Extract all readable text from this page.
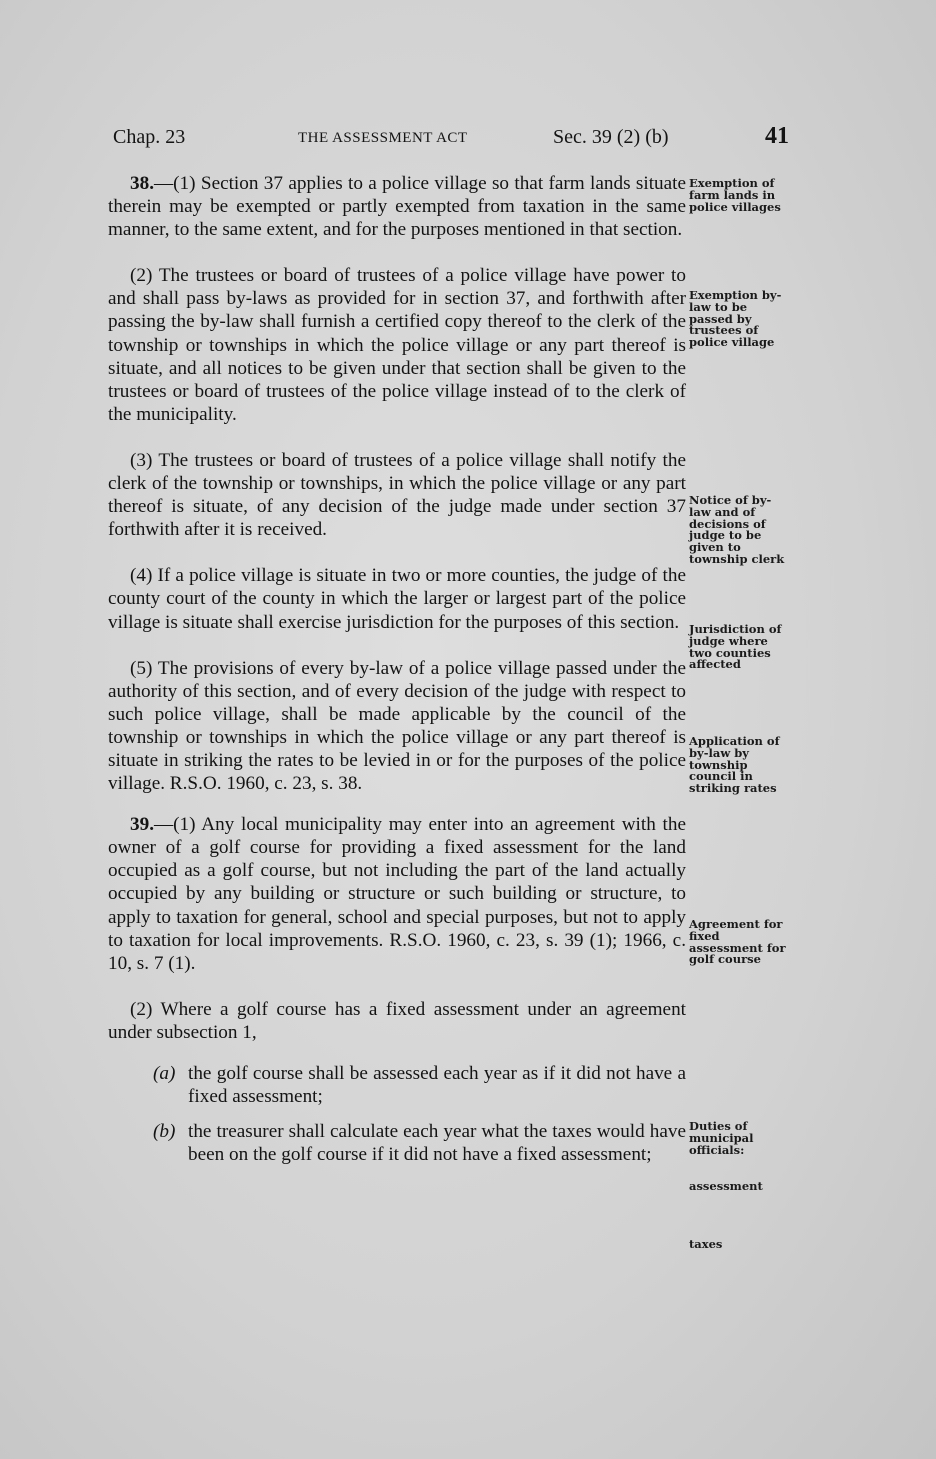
Chap. 23	THE ASSESSMENT ACT	Sec. 39 (2) (b)	41

38.—(1) Section 37 applies to a police village so that farm lands situate therein may be exempted or partly exempted from taxation in the same manner, to the same extent, and for the purposes mentioned in that section.

(2) The trustees or board of trustees of a police village have power to and shall pass by-laws as provided for in section 37, and forthwith after passing the by-law shall furnish a certified copy thereof to the clerk of the township or townships in which the police village or any part thereof is situate, and all notices to be given under that section shall be given to the trustees or board of trustees of the police village instead of to the clerk of the municipality.

(3) The trustees or board of trustees of a police village shall notify the clerk of the township or townships, in which the police village or any part thereof is situate, of any decision of the judge made under section 37 forthwith after it is received.

(4) If a police village is situate in two or more counties, the judge of the county court of the county in which the larger or largest part of the police village is situate shall exercise jurisdiction for the purposes of this section.

(5) The provisions of every by-law of a police village passed under the authority of this section, and of every decision of the judge with respect to such police village, shall be made applicable by the council of the township or townships in which the police village or any part thereof is situate in striking the rates to be levied in or for the purposes of the police village. R.S.O. 1960, c. 23, s. 38.

39.—(1) Any local municipality may enter into an agreement with the owner of a golf course for providing a fixed assessment for the land occupied as a golf course, but not including the part of the land actually occupied by any building or structure or such building or structure, to apply to taxation for general, school and special purposes, but not to apply to taxation for local improvements. R.S.O. 1960, c. 23, s. 39 (1); 1966, c. 10, s. 7 (1).

(2) Where a golf course has a fixed assessment under an agreement under subsection 1,

(a) the golf course shall be assessed each year as if it did not have a fixed assessment;

(b) the treasurer shall calculate each year what the taxes would have been on the golf course if it did not have a fixed assessment;

Exemption of farm lands in police villages
Exemption by-law to be passed by trustees of police village
Notice of by-law and of decisions of judge to be given to township clerk
Jurisdiction of judge where two counties affected
Application of by-law by township council in striking rates
Agreement for fixed assessment for golf course
Duties of municipal officials:
assessment
taxes
